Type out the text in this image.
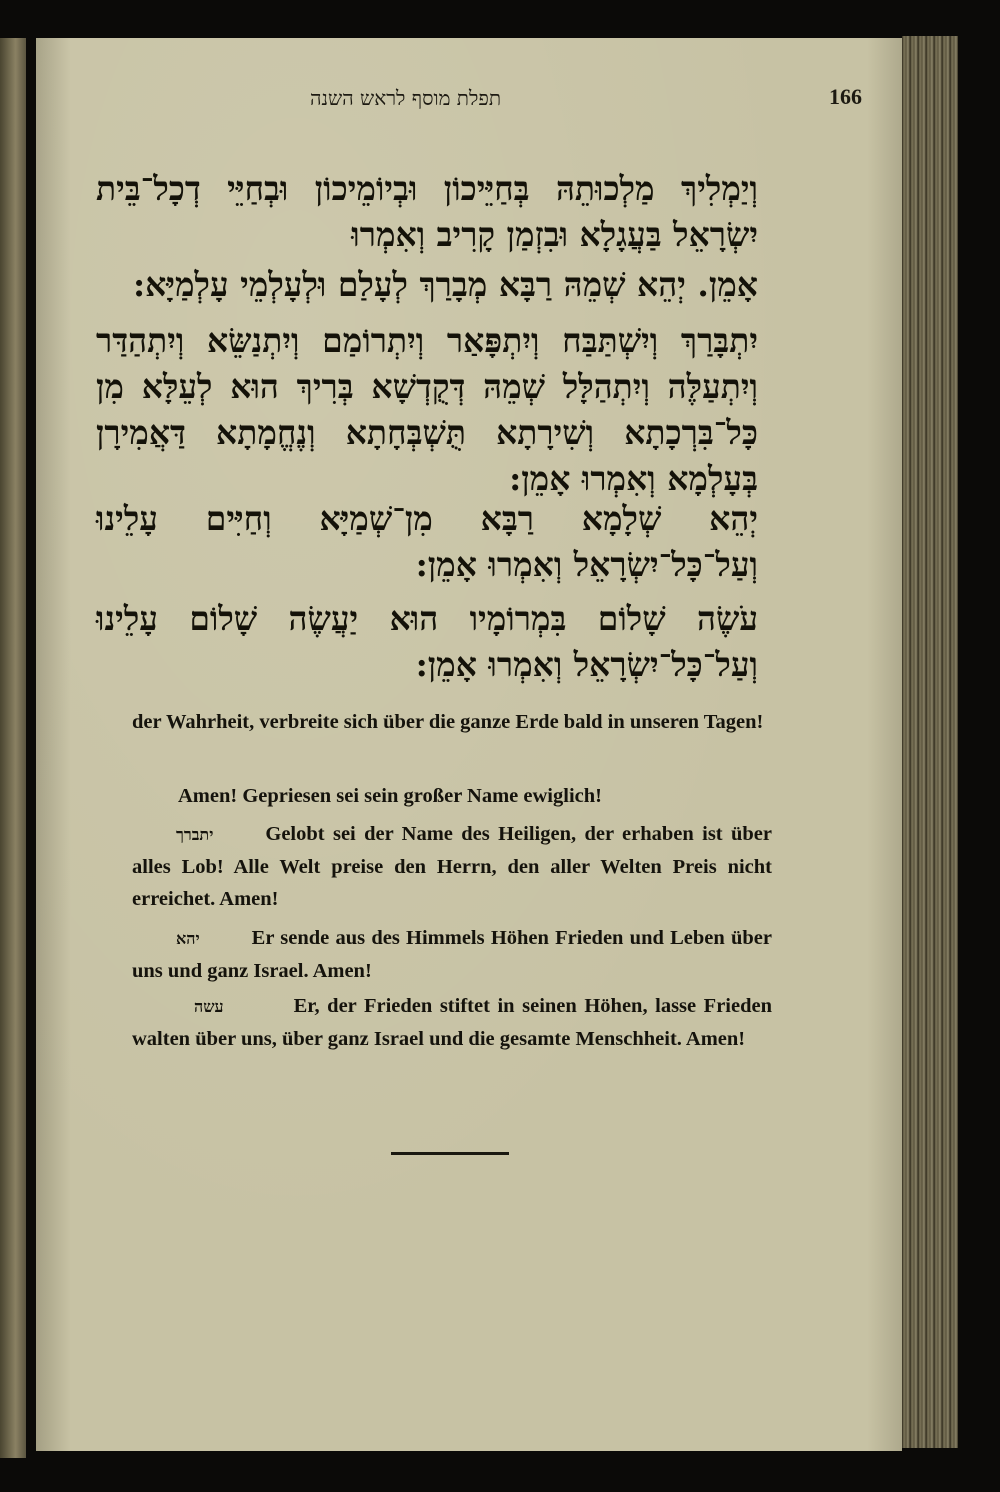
תפלת מוסף לראש השנה	166

וְיַמְלִיךְ מַלְכוּתֵהּ בְּחַיֵּיכוֹן וּבְיוֹמֵיכוֹן וּבְחַיֵּי דְכָל־בֵּית יִשְׂרָאֵל בַּעֲגָלָא וּבִזְמַן קָרִיב וְאִמְרוּ

אָמֵן. יְהֵא שְׁמֵהּ רַבָּא מְבָרַךְ לְעָלַם וּלְעָלְמֵי עָלְמַיָּא:

יִתְבָּרַךְ וְיִשְׁתַּבַּח וְיִתְפָּאַר וְיִתְרוֹמַם וְיִתְנַשֵּׂא וְיִתְהַדַּר וְיִתְעַלֶּה וְיִתְהַלָּל שְׁמֵהּ דְּקֻדְשָׁא בְּרִיךְ הוּא לְעֵלָּא מִן כָּל־בִּרְכָתָא וְשִׁירָתָא תֻּשְׁבְּחָתָא וְנֶחֱמָתָא דַּאֲמִירָן בְּעָלְמָא וְאִמְרוּ אָמֵן:

יְהֵא שְׁלָמָא רַבָּא מִן־שְׁמַיָּא וְחַיִּים עָלֵינוּ וְעַל־כָּל־יִשְׂרָאֵל וְאִמְרוּ אָמֵן:

עֹשֶׂה שָׁלוֹם בִּמְרוֹמָיו הוּא יַעֲשֶׂה שָׁלוֹם עָלֵינוּ וְעַל־כָּל־יִשְׂרָאֵל וְאִמְרוּ אָמֵן:

der Wahrheit, verbreite sich über die ganze Erde bald in unseren Tagen!

Amen! Gepriesen sei sein großer Name ewiglich!

יתברך	Gelobt sei der Name des Heiligen, der erhaben ist über alles Lob! Alle Welt preise den Herrn, den aller Welten Preis nicht erreichet. Amen!

יהא	Er sende aus des Himmels Höhen Frieden und Leben über uns und ganz Israel. Amen!

עשה	Er, der Frieden stiftet in seinen Höhen, lasse Frieden walten über uns, über ganz Israel und die gesamte Menschheit. Amen!
